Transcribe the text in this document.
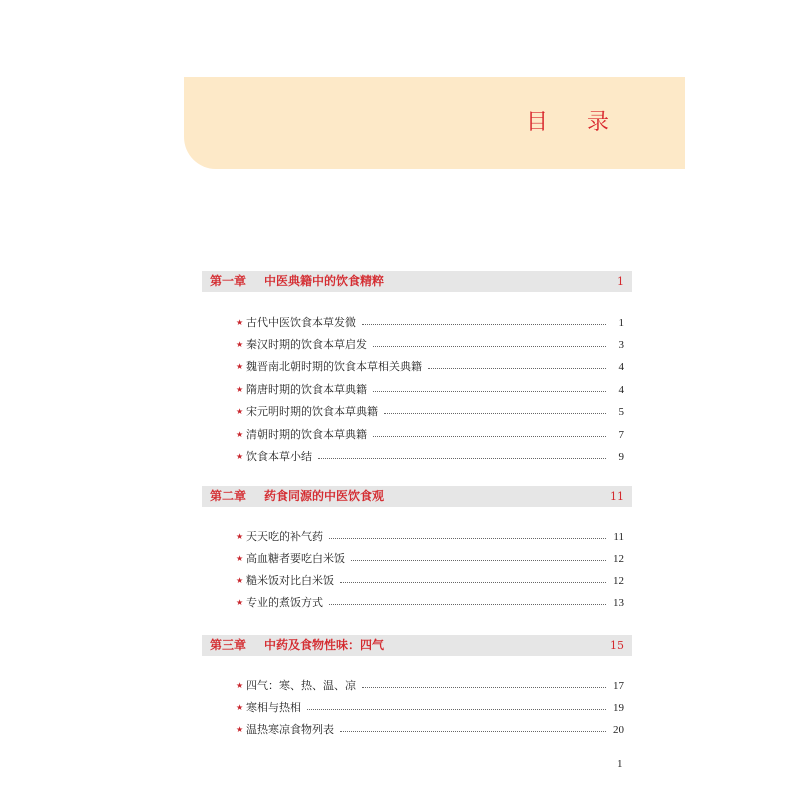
目 录
第一章 中医典籍中的饮食精粹	1
★ 古代中医饮食本草发微	1
★ 秦汉时期的饮食本草启发	3
★ 魏晋南北朝时期的饮食本草相关典籍	4
★ 隋唐时期的饮食本草典籍	4
★ 宋元明时期的饮食本草典籍	5
★ 清朝时期的饮食本草典籍	7
★ 饮食本草小结	9
第二章 药食同源的中医饮食观	11
★ 天天吃的补气药	11
★ 高血糖者要吃白米饭	12
★ 糙米饭对比白米饭	12
★ 专业的煮饭方式	13
第三章 中药及食物性味：四气	15
★ 四气：寒、热、温、凉	17
★ 寒相与热相	19
★ 温热寒凉食物列表	20
1
